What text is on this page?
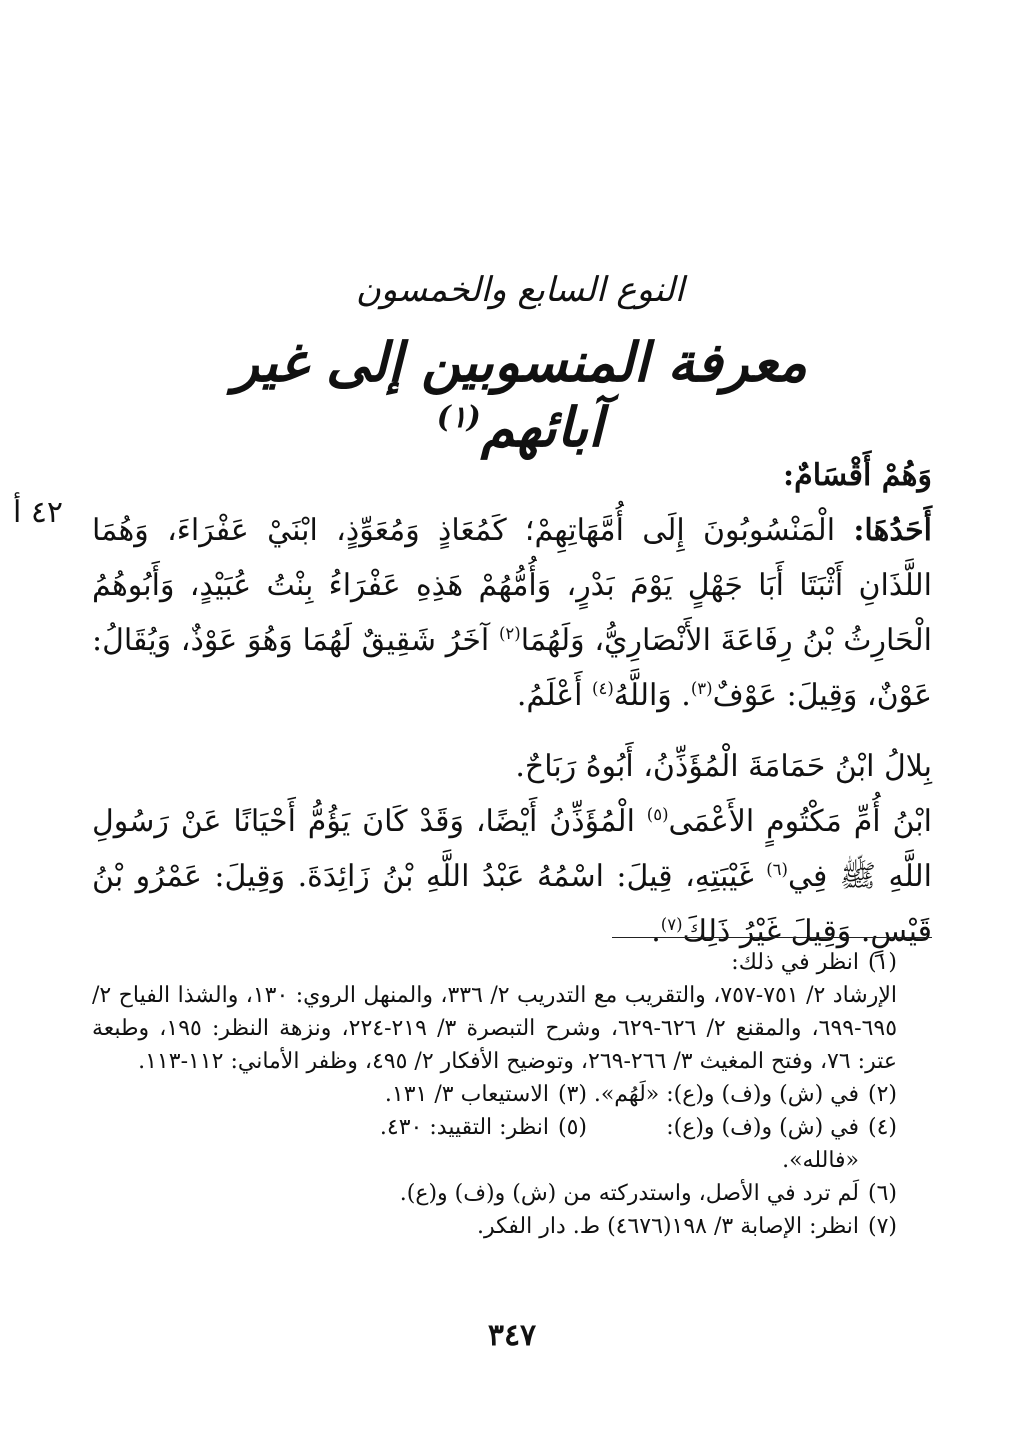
النوع السابع والخمسون
معرفة المنسوبين إلى غير آبائهم$^{(١)}$
٤٢ أ

وَهُمْ أَقْسَامٌ:

أَحَدُهَا: الْمَنْسُوبُونَ إِلَى أُمَّهَاتِهِمْ؛ كَمُعَاذٍ وَمُعَوِّذٍ، ابْنَيْ عَفْرَاءَ، وَهُمَا اللَّذَانِ أَثْبَتَا أَبَا جَهْلٍ يَوْمَ بَدْرٍ، وَأُمُّهُمْ هَذِهِ عَفْرَاءُ بِنْتُ عُبَيْدٍ، وَأَبُوهُمُ الْحَارِثُ بْنُ رِفَاعَةَ الأَنْصَارِيُّ، وَلَهُمَا$^{(٢)}$ آخَرُ شَقِيقٌ لَهُمَا وَهُوَ عَوْذٌ، وَيُقَالُ: عَوْنٌ، وَقِيلَ: عَوْفٌ$^{(٣)}$. وَاللَّهُ$^{(٤)}$ أَعْلَمُ.

بِلالُ ابْنُ حَمَامَةَ الْمُؤَذِّنُ، أَبُوهُ رَبَاحٌ.

ابْنُ أُمِّ مَكْتُومٍ الأَعْمَى$^{(٥)}$ الْمُؤَذِّنُ أَيْضًا، وَقَدْ كَانَ يَؤُمُّ أَحْيَانًا عَنْ رَسُولِ اللَّهِ ﷺ فِي$^{(٦)}$ غَيْبَتِهِ، قِيلَ: اسْمُهُ عَبْدُ اللَّهِ بْنُ زَائِدَةَ. وَقِيلَ: عَمْرُو بْنُ قَيْسٍ. وَقِيلَ غَيْرُ ذَلِكَ$^{(٧)}$.

(١)
انظر في ذلك:
الإرشاد ٢/ ٧٥١-٧٥٧، والتقريب مع التدريب ٢/ ٣٣٦، والمنهل الروي: ١٣٠، والشذا الفياح ٢/ ٦٩٥-٦٩٩، والمقنع ٢/ ٦٢٦-٦٢٩، وشرح التبصرة ٣/ ٢١٩-٢٢٤، ونزهة النظر: ١٩٥، وطبعة عتر: ٧٦، وفتح المغيث ٣/ ٢٦٦-٢٦٩، وتوضيح الأفكار ٢/ ٤٩٥، وظفر الأماني: ١١٢-١١٣.
(٢)
في (ش) و(ف) و(ع): «لَهُم».
(٣)
الاستيعاب ٣/ ١٣١.
(٤)
في (ش) و(ف) و(ع): «فالله».
(٥)
انظر: التقييد: ٤٣٠.
(٦)
لَم ترد في الأصل، واستدركته من (ش) و(ف) و(ع).
(٧)
انظر: الإصابة ٣/ ١٩٨(٤٦٧٦) ط. دار الفكر.
٣٤٧
